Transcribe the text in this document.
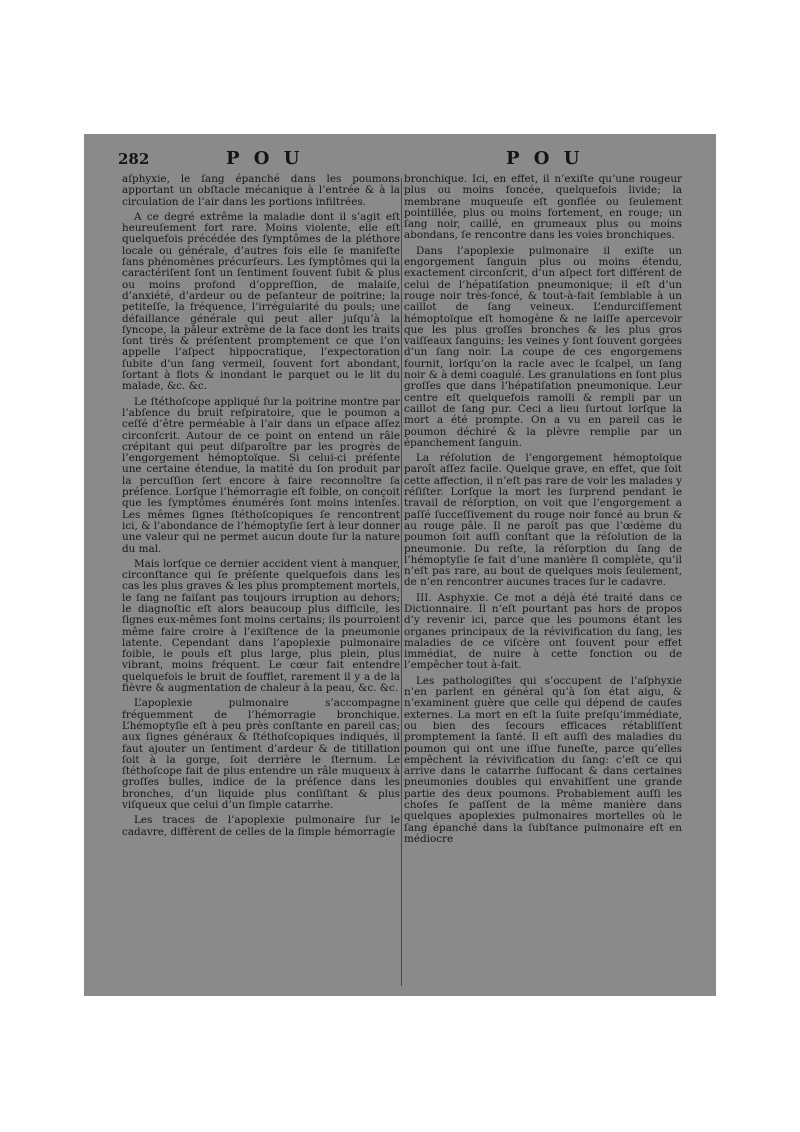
282	P O U	P O U

aſphyxie, le ſang épanché dans les poumons apportant un obſtacle mécanique à l’entrée & à la circulation de l’air dans les portions infiltrées.

A ce degré extrême la maladie dont il s’agit eſt heureuſement fort rare. Moins violente, elle eſt quelquefois précédée des ſymptômes de la pléthore locale ou générale, d’autres fois elle ſe manifeſte ſans phénomènes précurſeurs. Les ſymptômes qui la caractériſent ſont un ſentiment ſouvent ſubit & plus ou moins profond d’oppreſſion, de malaiſe, d’anxiété, d’ardeur ou de peſanteur de poitrine; la petiteſſe, la fréquence, l’irrégularité du pouls; une défaillance générale qui peut aller juſqu’à la ſyncope, la pâleur extrême de la face dont les traits ſont tirés & préſentent promptement ce que l’on appelle l’aſpect hippocratique, l’expectoration ſubite d’un ſang vermeil, ſouvent fort abondant, ſortant à flots & inondant le parquet ou le lit du malade, &c. &c.

Le ſtéthoſcope appliqué ſur la poitrine montre par l’abſence du bruit reſpiratoire, que le poumon a ceſſé d’être perméable à l’air dans un eſpace aſſez circonſcrit. Autour de ce point on entend un râle crépitant qui peut diſparoître par les progrès de l’engorgement hémoptoïque. Si celui-ci préſente une certaine étendue, la matité du ſon produit par la percuſſion ſert encore à faire reconnoître ſa préſence. Lorſque l’hémorragie eſt foible, on conçoit que les ſymptômes énumérés ſont moins intenſes. Les mêmes ſignes ſtéthoſcopiques ſe rencontrent ici, & l’abondance de l’hémoptyſie ſert à leur donner une valeur qui ne permet aucun doute ſur la nature du mal.

Mais lorſque ce dernier accident vient à manquer, circonſtance qui ſe préſente quelquefois dans les cas les plus graves & les plus promptement mortels, le ſang ne faiſant pas toujours irruption au dehors; le diagnoſtic eſt alors beaucoup plus difficile, les ſignes eux-mêmes ſont moins certains; ils pourroient même faire croire à l’exiſtence de la pneumonie latente. Cependant dans l’apoplexie pulmonaire foible, le pouls eſt plus large, plus plein, plus vibrant, moins fréquent. Le cœur fait entendre quelquefois le bruit de ſoufflet, rarement il y a de la fièvre & augmentation de chaleur à la peau, &c. &c.

L’apoplexie pulmonaire s’accompagne fréquemment de l’hémorragie bronchique. L’hémoptyſie eſt à peu près conſtante en pareil cas; aux ſignes généraux & ſtéthoſcopiques indiqués, il faut ajouter un ſentiment d’ardeur & de titillation ſoit à la gorge, ſoit derrière le ſternum. Le ſtéthoſcope fait de plus entendre un râle muqueux à groſſes bulles, indice de la préſence dans les bronches, d’un liquide plus conſiſtant & plus viſqueux que celui d’un ſimple catarrhe.

Les traces de l’apoplexie pulmonaire ſur le cadavre, diffèrent de celles de la ſimple hémorragie

bronchique. Ici, en effet, il n’exiſte qu’une rougeur plus ou moins foncée, quelquefois livide; la membrane muqueuſe eſt gonflée ou ſeulement pointillée, plus ou moins fortement, en rouge; un ſang noir, caillé, en grumeaux plus ou moins abondans, ſe rencontre dans les voies bronchiques.

Dans l’apoplexie pulmonaire il exiſte un engorgement ſanguin plus ou moins étendu, exactement circonſcrit, d’un aſpect fort différent de celui de l’hépatiſation pneumonique; il eſt d’un rouge noir très-foncé, & tout-à-fait ſemblable à un caillot de ſang veineux. L’endurciſſement hémoptoïque eſt homogène & ne laiſſe apercevoir que les plus groſſes bronches & les plus gros vaiſſeaux ſanguins; les veines y ſont ſouvent gorgées d’un ſang noir. La coupe de ces engorgemens fournit, lorſqu’on la racle avec le ſcalpel, un ſang noir & à demi coagulé. Les granulations en ſont plus groſſes que dans l’hépatiſation pneumonique. Leur centre eſt quelquefois ramolli & rempli par un caillot de ſang pur. Ceci a lieu ſurtout lorſque la mort a été prompte. On a vu en pareil cas le poumon déchiré & la plèvre remplie par un épanchement ſanguin.

La réſolution de l’engorgement hémoptoïque paroît aſſez facile. Quelque grave, en effet, que ſoit cette affection, il n’eſt pas rare de voir les malades y réſiſter. Lorſque la mort les ſurprend pendant le travail de réſorption, on voit que l’engorgement a paſſé ſucceſſivement du rouge noir foncé au brun & au rouge pâle. Il ne paroît pas que l’œdème du poumon ſoit auſſi conſtant que la réſolution de la pneumonie. Du reſte, la réſorption du ſang de l’hémoptyſie ſe fait d’une manière ſi complète, qu’il n’eſt pas rare, au bout de quelques mois ſeulement, de n’en rencontrer aucunes traces ſur le cadavre.

III. Asphyxie. Ce mot a déjà été traité dans ce Dictionnaire. Il n’eſt pourtant pas hors de propos d’y revenir ici, parce que les poumons étant les organes principaux de la révivification du ſang, les maladies de ce viſcère ont ſouvent pour effet immédiat, de nuire à cette fonction ou de l’empêcher tout à-fait.

Les pathologiſtes qui s’occupent de l’aſphyxie n’en parlent en général qu’à ſon état aigu, & n’examinent guère que celle qui dépend de cauſes externes. La mort en eſt la ſuite preſqu’immédiate, ou bien des ſecours efficaces rétabliſſent promptement la ſanté. Il eſt auſſi des maladies du poumon qui ont une iſſue funeſte, parce qu’elles empêchent la révivification du ſang: c’eſt ce qui arrive dans le catarrhe ſuffocant & dans certaines pneumonies doubles qui envahiſſent une grande partie des deux poumons. Probablement auſſi les choſes ſe paſſent de la même manière dans quelques apoplexies pulmonaires mortelles où le ſang épanché dans la ſubſtance pulmonaire eſt en médiocre
